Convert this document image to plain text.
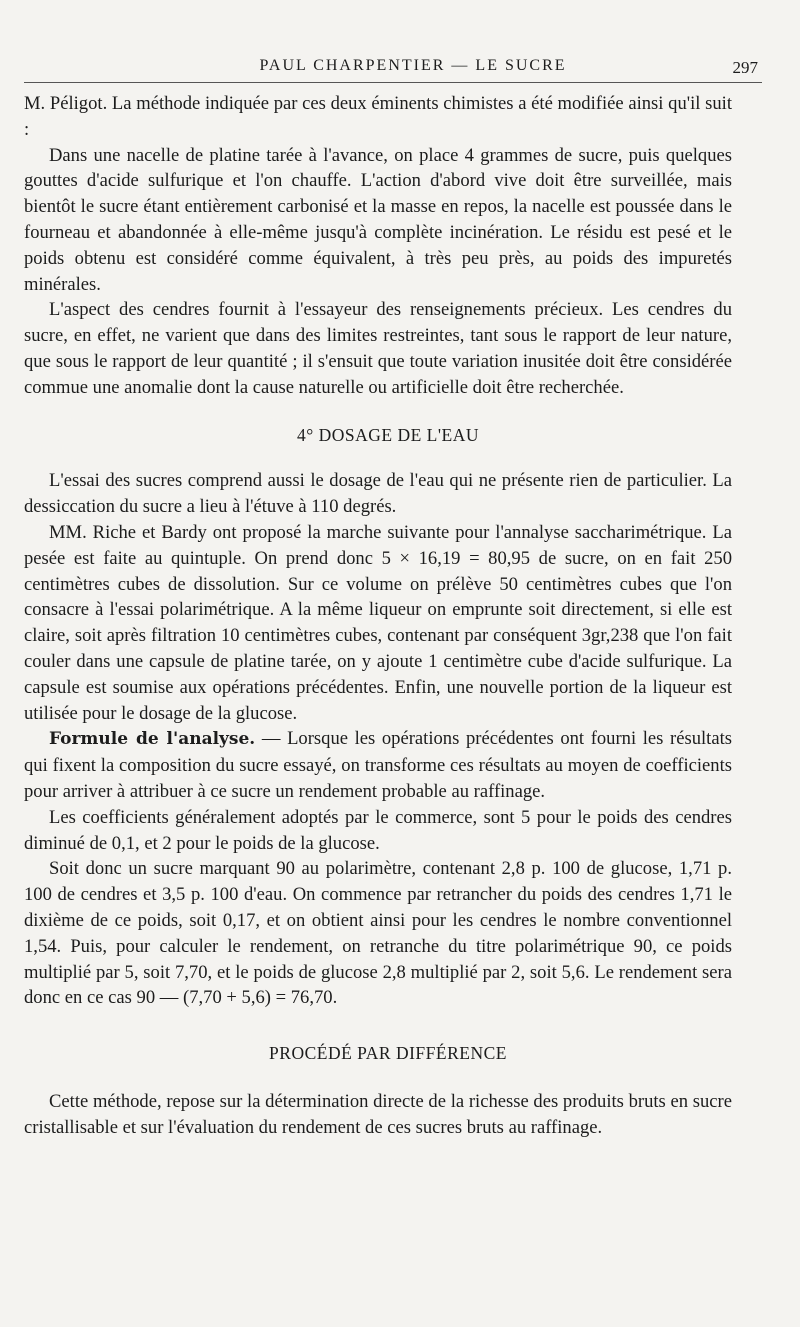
PAUL CHARPENTIER — LE SUCRE	297

M. Péligot. La méthode indiquée par ces deux éminents chimistes a été modifiée ainsi qu'il suit :

Dans une nacelle de platine tarée à l'avance, on place 4 grammes de sucre, puis quelques gouttes d'acide sulfurique et l'on chauffe. L'action d'abord vive doit être surveillée, mais bientôt le sucre étant entièrement carbonisé et la masse en repos, la nacelle est poussée dans le fourneau et abandonnée à elle-même jusqu'à complète incinération. Le résidu est pesé et le poids obtenu est considéré comme équivalent, à très peu près, au poids des impuretés minérales.

L'aspect des cendres fournit à l'essayeur des renseignements précieux. Les cendres du sucre, en effet, ne varient que dans des limites restreintes, tant sous le rapport de leur nature, que sous le rapport de leur quantité ; il s'ensuit que toute variation inusitée doit être considérée commue une anomalie dont la cause naturelle ou artificielle doit être recherchée.

4° DOSAGE DE L'EAU

L'essai des sucres comprend aussi le dosage de l'eau qui ne présente rien de particulier. La dessiccation du sucre a lieu à l'étuve à 110 degrés.

MM. Riche et Bardy ont proposé la marche suivante pour l'annalyse saccharimétrique. La pesée est faite au quintuple. On prend donc 5 × 16,19 = 80,95 de sucre, on en fait 250 centimètres cubes de dissolution. Sur ce volume on prélève 50 centimètres cubes que l'on consacre à l'essai polarimétrique. A la même liqueur on emprunte soit directement, si elle est claire, soit après filtration 10 centimètres cubes, contenant par conséquent 3gr,238 que l'on fait couler dans une capsule de platine tarée, on y ajoute 1 centimètre cube d'acide sulfurique. La capsule est soumise aux opérations précédentes. Enfin, une nouvelle portion de la liqueur est utilisée pour le dosage de la glucose.

Formule de l'analyse. — Lorsque les opérations précédentes ont fourni les résultats qui fixent la composition du sucre essayé, on transforme ces résultats au moyen de coefficients pour arriver à attribuer à ce sucre un rendement probable au raffinage.

Les coefficients généralement adoptés par le commerce, sont 5 pour le poids des cendres diminué de 0,1, et 2 pour le poids de la glucose.

Soit donc un sucre marquant 90 au polarimètre, contenant 2,8 p. 100 de glucose, 1,71 p. 100 de cendres et 3,5 p. 100 d'eau. On commence par retrancher du poids des cendres 1,71 le dixième de ce poids, soit 0,17, et on obtient ainsi pour les cendres le nombre conventionnel 1,54. Puis, pour calculer le rendement, on retranche du titre polarimétrique 90, ce poids multiplié par 5, soit 7,70, et le poids de glucose 2,8 multiplié par 2, soit 5,6. Le rendement sera donc en ce cas 90 — (7,70 + 5,6) = 76,70.

PROCÉDÉ PAR DIFFÉRENCE

Cette méthode, repose sur la détermination directe de la richesse des produits bruts en sucre cristallisable et sur l'évaluation du rendement de ces sucres bruts au raffinage.
